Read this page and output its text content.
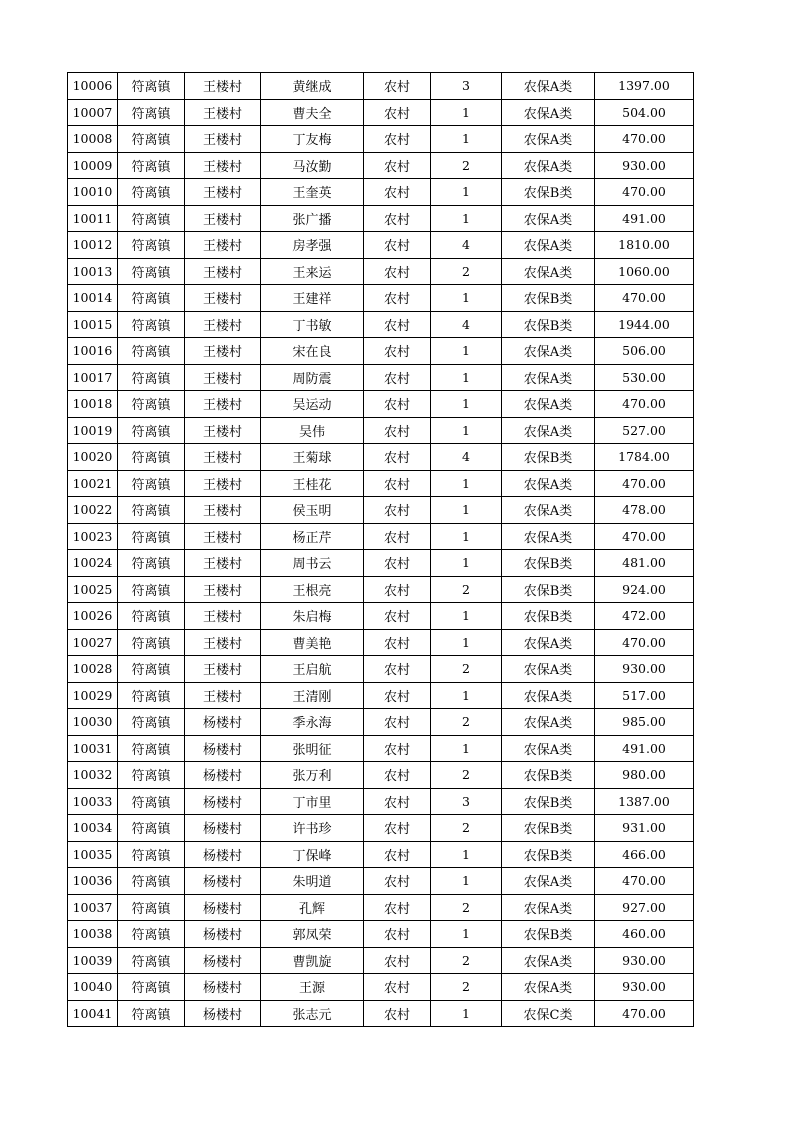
10006	符离镇	王楼村	黄继成	农村	3	农保A类	1397.00
10007	符离镇	王楼村	曹夫全	农村	1	农保A类	504.00
10008	符离镇	王楼村	丁友梅	农村	1	农保A类	470.00
10009	符离镇	王楼村	马汝勤	农村	2	农保A类	930.00
10010	符离镇	王楼村	王奎英	农村	1	农保B类	470.00
10011	符离镇	王楼村	张广播	农村	1	农保A类	491.00
10012	符离镇	王楼村	房孝强	农村	4	农保A类	1810.00
10013	符离镇	王楼村	王来运	农村	2	农保A类	1060.00
10014	符离镇	王楼村	王建祥	农村	1	农保B类	470.00
10015	符离镇	王楼村	丁书敏	农村	4	农保B类	1944.00
10016	符离镇	王楼村	宋在良	农村	1	农保A类	506.00
10017	符离镇	王楼村	周防震	农村	1	农保A类	530.00
10018	符离镇	王楼村	吴运动	农村	1	农保A类	470.00
10019	符离镇	王楼村	吴伟	农村	1	农保A类	527.00
10020	符离镇	王楼村	王菊球	农村	4	农保B类	1784.00
10021	符离镇	王楼村	王桂花	农村	1	农保A类	470.00
10022	符离镇	王楼村	侯玉明	农村	1	农保A类	478.00
10023	符离镇	王楼村	杨正芹	农村	1	农保A类	470.00
10024	符离镇	王楼村	周书云	农村	1	农保B类	481.00
10025	符离镇	王楼村	王根亮	农村	2	农保B类	924.00
10026	符离镇	王楼村	朱启梅	农村	1	农保B类	472.00
10027	符离镇	王楼村	曹美艳	农村	1	农保A类	470.00
10028	符离镇	王楼村	王启航	农村	2	农保A类	930.00
10029	符离镇	王楼村	王清刚	农村	1	农保A类	517.00
10030	符离镇	杨楼村	季永海	农村	2	农保A类	985.00
10031	符离镇	杨楼村	张明征	农村	1	农保A类	491.00
10032	符离镇	杨楼村	张万利	农村	2	农保B类	980.00
10033	符离镇	杨楼村	丁市里	农村	3	农保B类	1387.00
10034	符离镇	杨楼村	许书珍	农村	2	农保B类	931.00
10035	符离镇	杨楼村	丁保峰	农村	1	农保B类	466.00
10036	符离镇	杨楼村	朱明道	农村	1	农保A类	470.00
10037	符离镇	杨楼村	孔辉	农村	2	农保A类	927.00
10038	符离镇	杨楼村	郭凤荣	农村	1	农保B类	460.00
10039	符离镇	杨楼村	曹凯旋	农村	2	农保A类	930.00
10040	符离镇	杨楼村	王源	农村	2	农保A类	930.00
10041	符离镇	杨楼村	张志元	农村	1	农保C类	470.00
